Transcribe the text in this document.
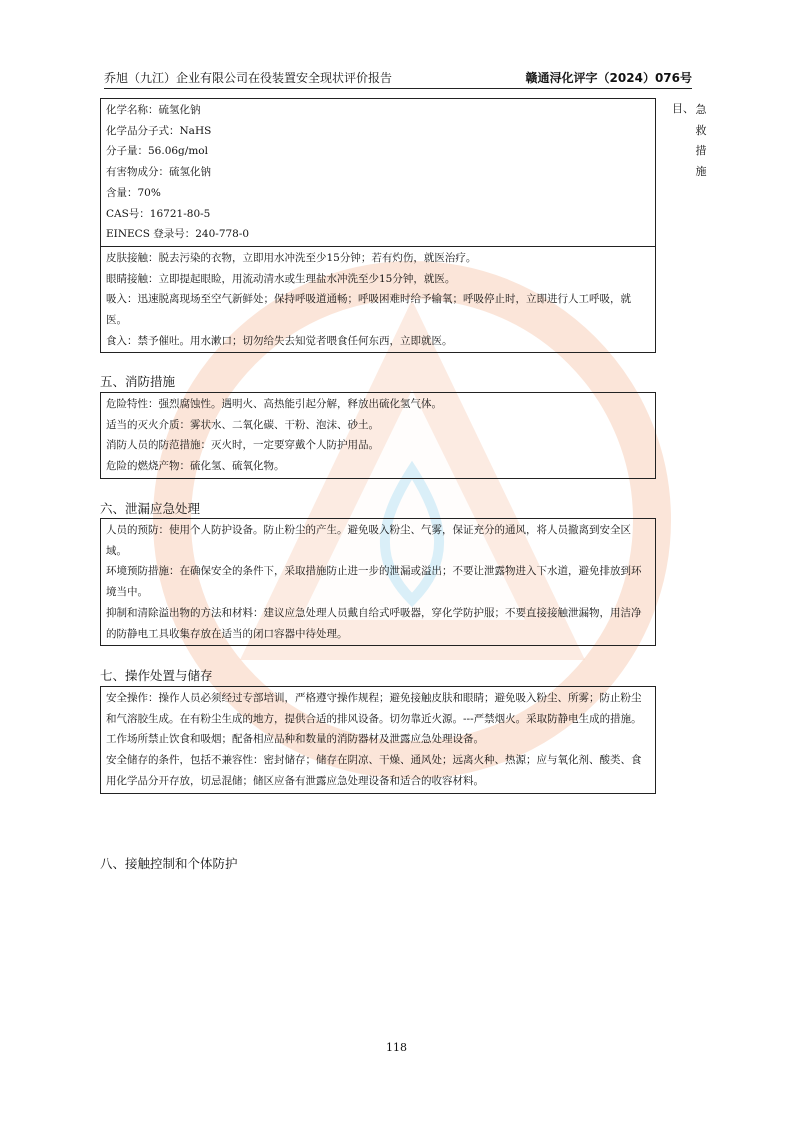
乔旭（九江）企业有限公司在役装置安全现状评价报告	赣通浔化评字（2024）076号
目、 急
救
措
施

化学名称：硫氢化钠

化学品分子式：NaHS

分子量：56.06g/mol

有害物成分：硫氢化钠

含量：70%

CAS号：16721-80-5

EINECS 登录号：240-778-0

皮肤接触：脱去污染的衣物，立即用水冲洗至少15分钟；若有灼伤，就医治疗。

眼睛接触：立即提起眼睑，用流动清水或生理盐水冲洗至少15分钟，就医。

吸入：迅速脱离现场至空气新鲜处；保持呼吸道通畅；呼吸困难时给予输氧；呼吸停止时，立即进行人工呼吸，就医。

食入：禁予催吐。用水漱口；切勿给失去知觉者喂食任何东西，立即就医。

五、消防措施

危险特性：强烈腐蚀性。遇明火、高热能引起分解，释放出硫化氢气体。

适当的灭火介质：雾状水、二氧化碳、干粉、泡沫、砂土。

消防人员的防范措施：灭火时，一定要穿戴个人防护用品。

危险的燃烧产物：硫化氢、硫氧化物。

六、泄漏应急处理

人员的预防：使用个人防护设备。防止粉尘的产生。避免吸入粉尘、气雾，保证充分的通风，将人员撤离到安全区域。

环境预防措施：在确保安全的条件下，采取措施防止进一步的泄漏或溢出；不要让泄露物进入下水道，避免排放到环境当中。

抑制和清除溢出物的方法和材料：建议应急处理人员戴自给式呼吸器，穿化学防护服；不要直接接触泄漏物，用洁净的防静电工具收集存放在适当的闭口容器中待处理。

七、操作处置与储存

安全操作：操作人员必须经过专部培训，严格遵守操作规程；避免接触皮肤和眼睛；避免吸入粉尘、所雾；防止粉尘和气溶胶生成。在有粉尘生成的地方，提供合适的排风设备。切勿靠近火源。---严禁烟火。采取防静电生成的措施。工作场所禁止饮食和吸烟；配备相应品种和数量的消防器材及泄露应急处理设备。

安全储存的条件，包括不兼容性：密封储存；储存在阴凉、干燥、通风处；远离火种、热源；应与氧化剂、酸类、食用化学品分开存放，切忌混储；储区应备有泄露应急处理设备和适合的收容材料。

八、接触控制和个体防护
118
